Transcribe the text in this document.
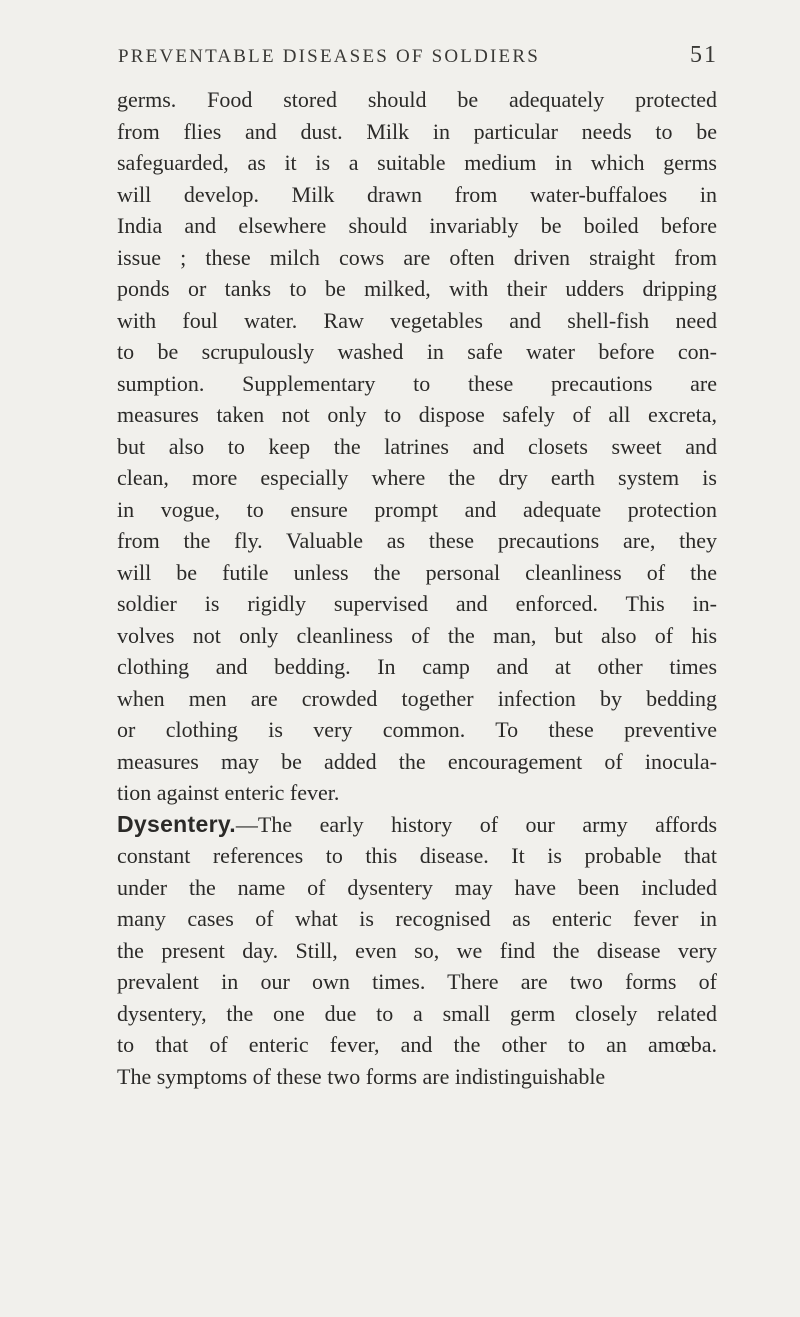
PREVENTABLE DISEASES OF SOLDIERS	51
germs. Food stored should be adequately protected
from flies and dust. Milk in particular needs to be
safeguarded, as it is a suitable medium in which germs
will develop. Milk drawn from water-buffaloes in
India and elsewhere should invariably be boiled before
issue ; these milch cows are often driven straight from
ponds or tanks to be milked, with their udders dripping
with foul water. Raw vegetables and shell-fish need
to be scrupulously washed in safe water before con-
sumption. Supplementary to these precautions are
measures taken not only to dispose safely of all excreta,
but also to keep the latrines and closets sweet and
clean, more especially where the dry earth system is
in vogue, to ensure prompt and adequate protection
from the fly. Valuable as these precautions are, they
will be futile unless the personal cleanliness of the
soldier is rigidly supervised and enforced. This in-
volves not only cleanliness of the man, but also of his
clothing and bedding. In camp and at other times
when men are crowded together infection by bedding
or clothing is very common. To these preventive
measures may be added the encouragement of inocula-
tion against enteric fever.
Dysentery.—The early history of our army affords
constant references to this disease. It is probable that
under the name of dysentery may have been included
many cases of what is recognised as enteric fever in
the present day. Still, even so, we find the disease very
prevalent in our own times. There are two forms of
dysentery, the one due to a small germ closely related
to that of enteric fever, and the other to an amœba.
The symptoms of these two forms are indistinguishable
